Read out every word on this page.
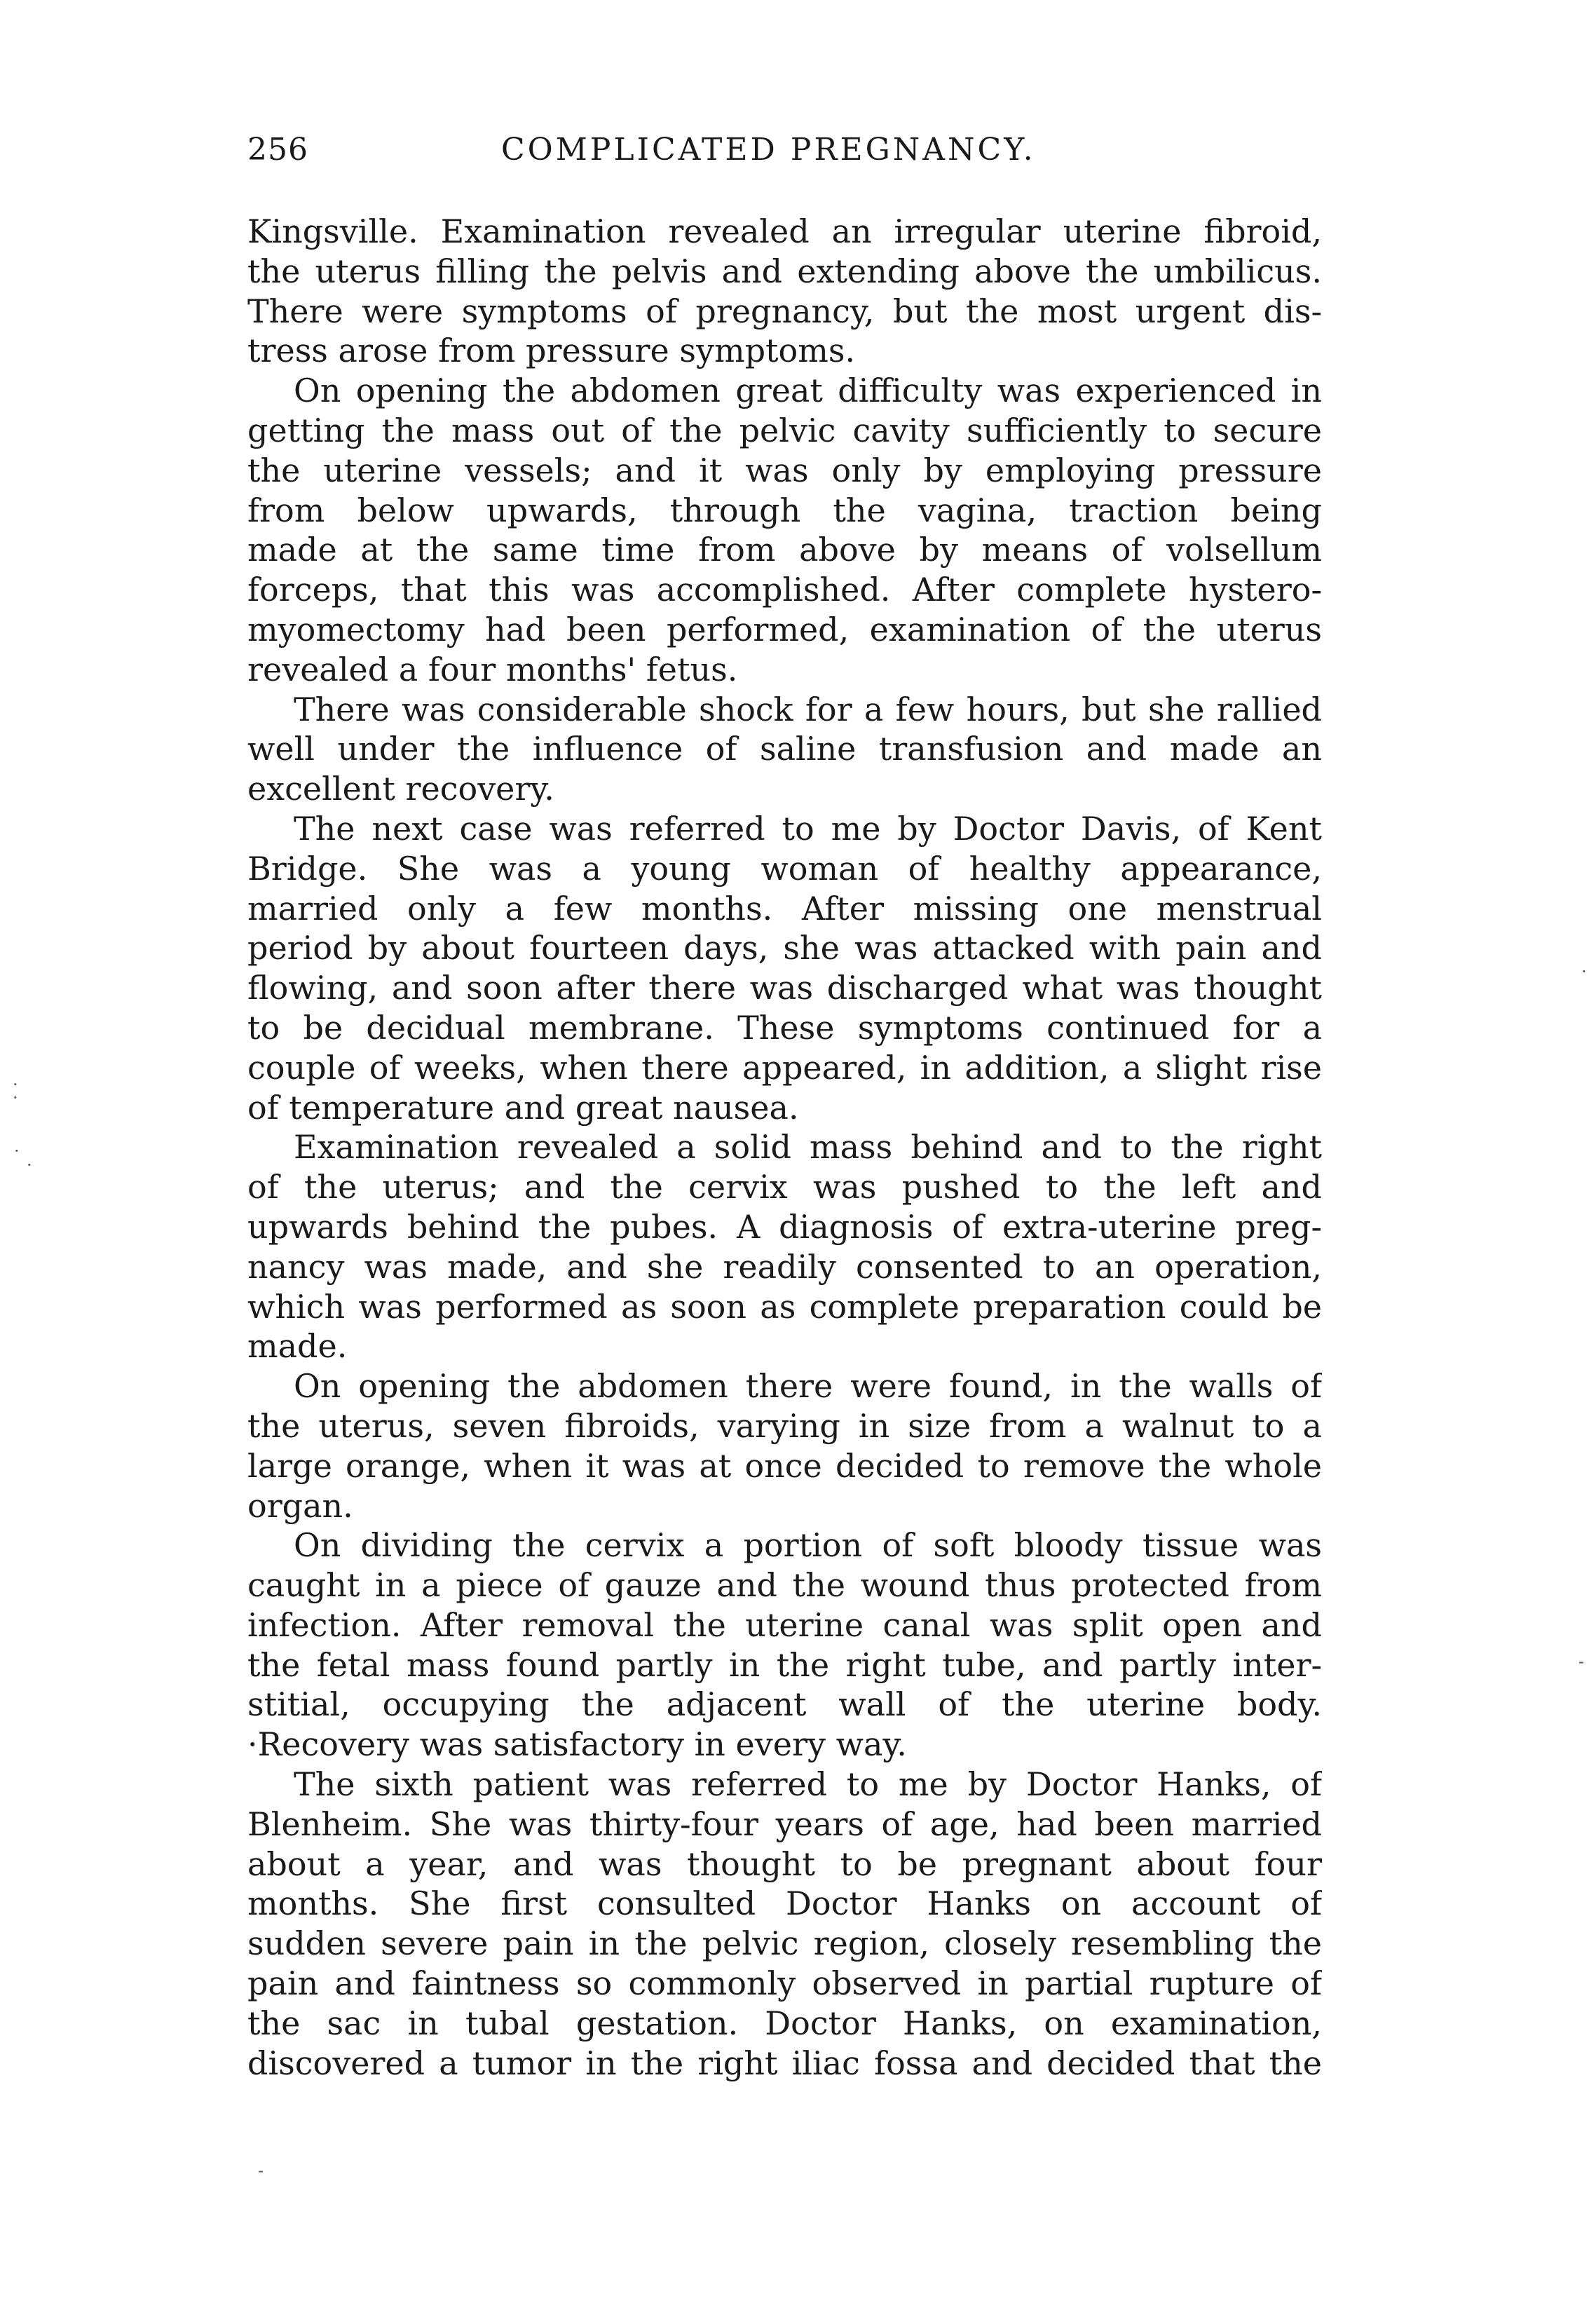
256	COMPLICATED PREGNANCY.
Kingsville. Examination revealed an irregular uterine fibroid,
the uterus filling the pelvis and extending above the umbilicus.
There were symptoms of pregnancy, but the most urgent dis-
tress arose from pressure symptoms.
On opening the abdomen great difficulty was experienced in
getting the mass out of the pelvic cavity sufficiently to secure
the uterine vessels; and it was only by employing pressure
from below upwards, through the vagina, traction being
made at the same time from above by means of volsellum
forceps, that this was accomplished. After complete hystero-
myomectomy had been performed, examination of the uterus
revealed a four months' fetus.
There was considerable shock for a few hours, but she rallied
well under the influence of saline transfusion and made an
excellent recovery.
The next case was referred to me by Doctor Davis, of Kent
Bridge. She was a young woman of healthy appearance,
married only a few months. After missing one menstrual
period by about fourteen days, she was attacked with pain and
flowing, and soon after there was discharged what was thought
to be decidual membrane. These symptoms continued for a
couple of weeks, when there appeared, in addition, a slight rise
of temperature and great nausea.
Examination revealed a solid mass behind and to the right
of the uterus; and the cervix was pushed to the left and
upwards behind the pubes. A diagnosis of extra-uterine preg-
nancy was made, and she readily consented to an operation,
which was performed as soon as complete preparation could be
made.
On opening the abdomen there were found, in the walls of
the uterus, seven fibroids, varying in size from a walnut to a
large orange, when it was at once decided to remove the whole
organ.
On dividing the cervix a portion of soft bloody tissue was
caught in a piece of gauze and the wound thus protected from
infection. After removal the uterine canal was split open and
the fetal mass found partly in the right tube, and partly inter-
stitial, occupying the adjacent wall of the uterine body.
·Recovery was satisfactory in every way.
The sixth patient was referred to me by Doctor Hanks, of
Blenheim. She was thirty-four years of age, had been married
about a year, and was thought to be pregnant about four
months. She first consulted Doctor Hanks on account of
sudden severe pain in the pelvic region, closely resembling the
pain and faintness so commonly observed in partial rupture of
the sac in tubal gestation. Doctor Hanks, on examination,
discovered a tumor in the right iliac fossa and decided that the
.
·
·
·
·
-
-
